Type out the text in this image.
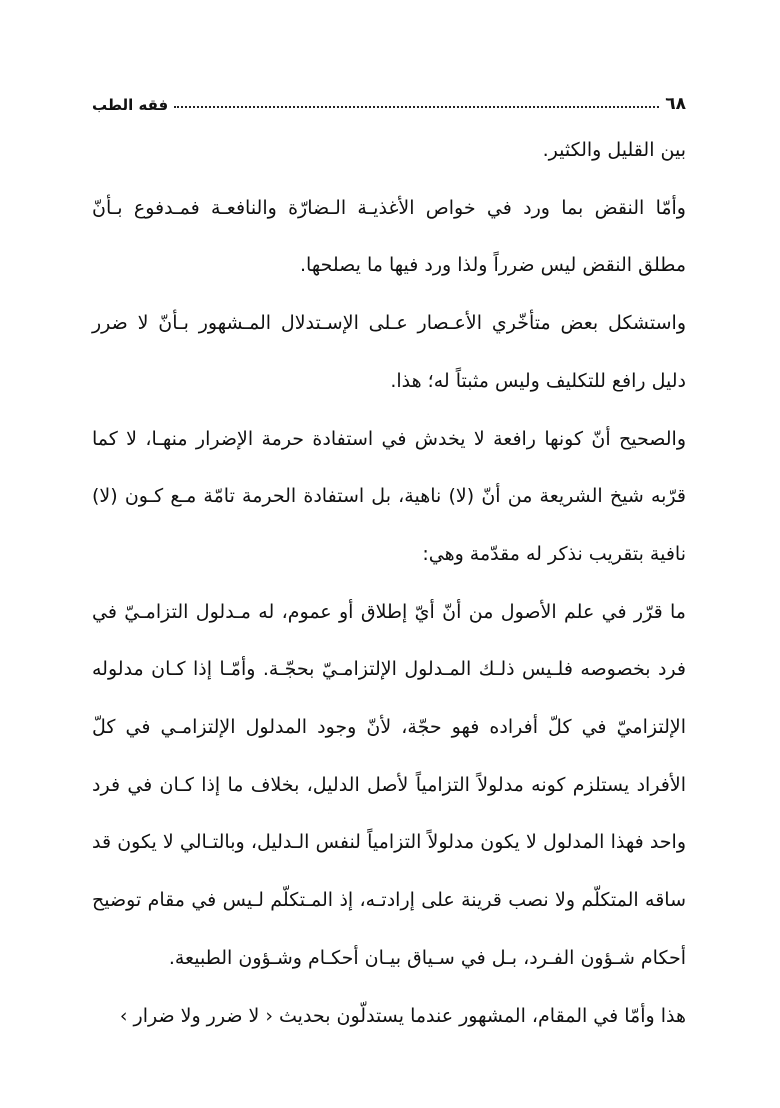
٦٨
فقه الطب

بين القليل والكثير.

وأمّا النقض بما ورد في خواص الأغذيـة الـضارّة والنافعـة فمـدفوع بـأنّ مطلق النقض ليس ضرراً ولذا ورد فيها ما يصلحها.

واستشكل بعض متأخّري الأعـصار عـلى الإسـتدلال المـشهور بـأنّ لا ضرر دليل رافع للتكليف وليس مثبتاً له؛ هذا.

والصحيح أنّ كونها رافعة لا يخدش في استفادة حرمة الإضرار منهـا، لا كما قرّبه شيخ الشريعة من أنّ (لا) ناهية، بل استفادة الحرمة تامّة مـع كـون (لا) نافية بتقريب نذكر له مقدّمة وهي:

ما قرّر في علم الأصول من أنّ أيّ إطلاق أو عموم، له مـدلول التزامـيّ في فرد بخصوصه فلـيس ذلـك المـدلول الإلتزامـيّ بحجّـة. وأمّـا إذا كـان مدلوله الإلتزاميّ في كلّ أفراده فهو حجّة، لأنّ وجود المدلول الإلتزامـي في كلّ الأفراد يستلزم كونه مدلولاً التزامياً لأصل الدليل، بخلاف ما إذا كـان في فرد واحد فهذا المدلول لا يكون مدلولاً التزامياً لنفس الـدليل، وبالتـالي لا يكون قد ساقه المتكلّم ولا نصب قرينة على إرادتـه، إذ المـتكلّم لـيس في مقام توضيح أحكام شـؤون الفـرد، بـل في سـياق بيـان أحكـام وشـؤون الطبيعة.

هذا وأمّا في المقام، المشهور عندما يستدلّون بحديث ‹ لا ضرر ولا ضرار ›
